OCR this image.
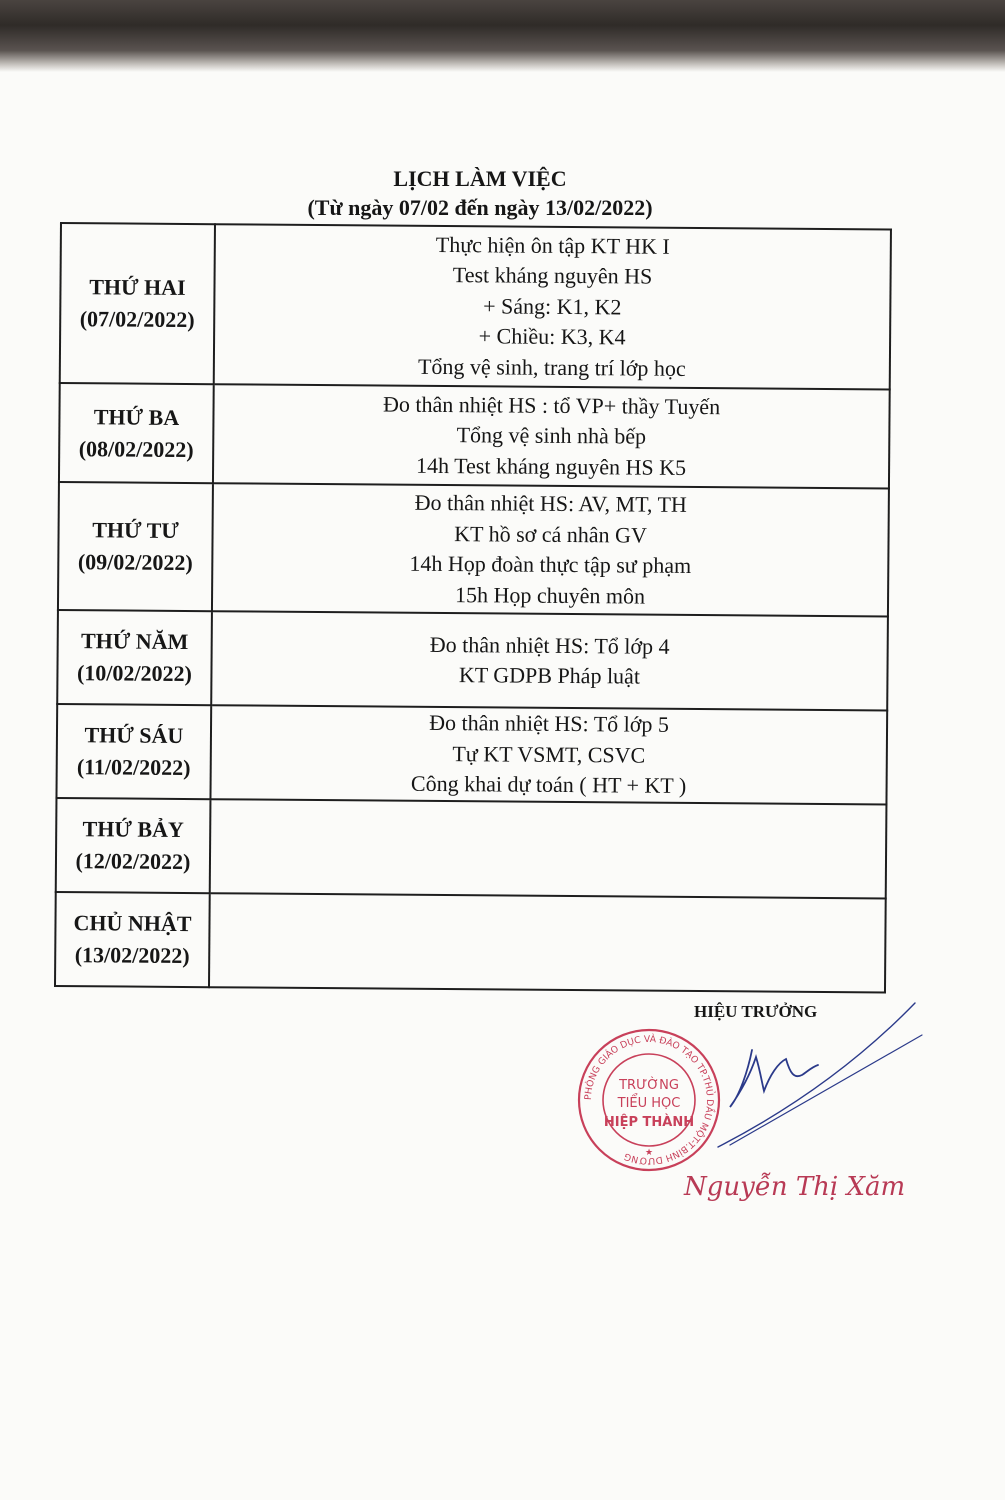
LỊCH LÀM VIỆC
(Từ ngày 07/02 đến ngày 13/02/2022)
THỨ HAI
(07/02/2022)	Thực hiện ôn tập KT HK I
Test kháng nguyên HS
+ Sáng: K1, K2
+ Chiều: K3, K4
Tổng vệ sinh, trang trí lớp học

THỨ BA
(08/02/2022)	Đo thân nhiệt HS : tổ VP+ thầy Tuyến
Tổng vệ sinh nhà bếp
14h Test kháng nguyên HS K5

THỨ TƯ
(09/02/2022)	Đo thân nhiệt HS: AV, MT, TH
KT hồ sơ cá nhân GV
14h Họp đoàn thực tập sư phạm
15h Họp chuyên môn

THỨ NĂM
(10/02/2022)	Đo thân nhiệt HS: Tổ lớp 4
KT GDPB Pháp luật

THỨ SÁU
(11/02/2022)	Đo thân nhiệt HS: Tổ lớp 5
Tự KT VSMT, CSVC
Công khai dự toán ( HT + KT )

THỨ BẢY
(12/02/2022)	

CHỦ NHẬT
(13/02/2022)	

HIỆU TRƯỞNG
PHÒNG GIÁO DỤC VÀ ĐÀO TẠO TP.THỦ DẦU MỘT-T.BÌNH DƯƠNG
TRƯỜNG
TIỂU HỌC
HIỆP THÀNH
★
Nguyễn Thị Xăm
